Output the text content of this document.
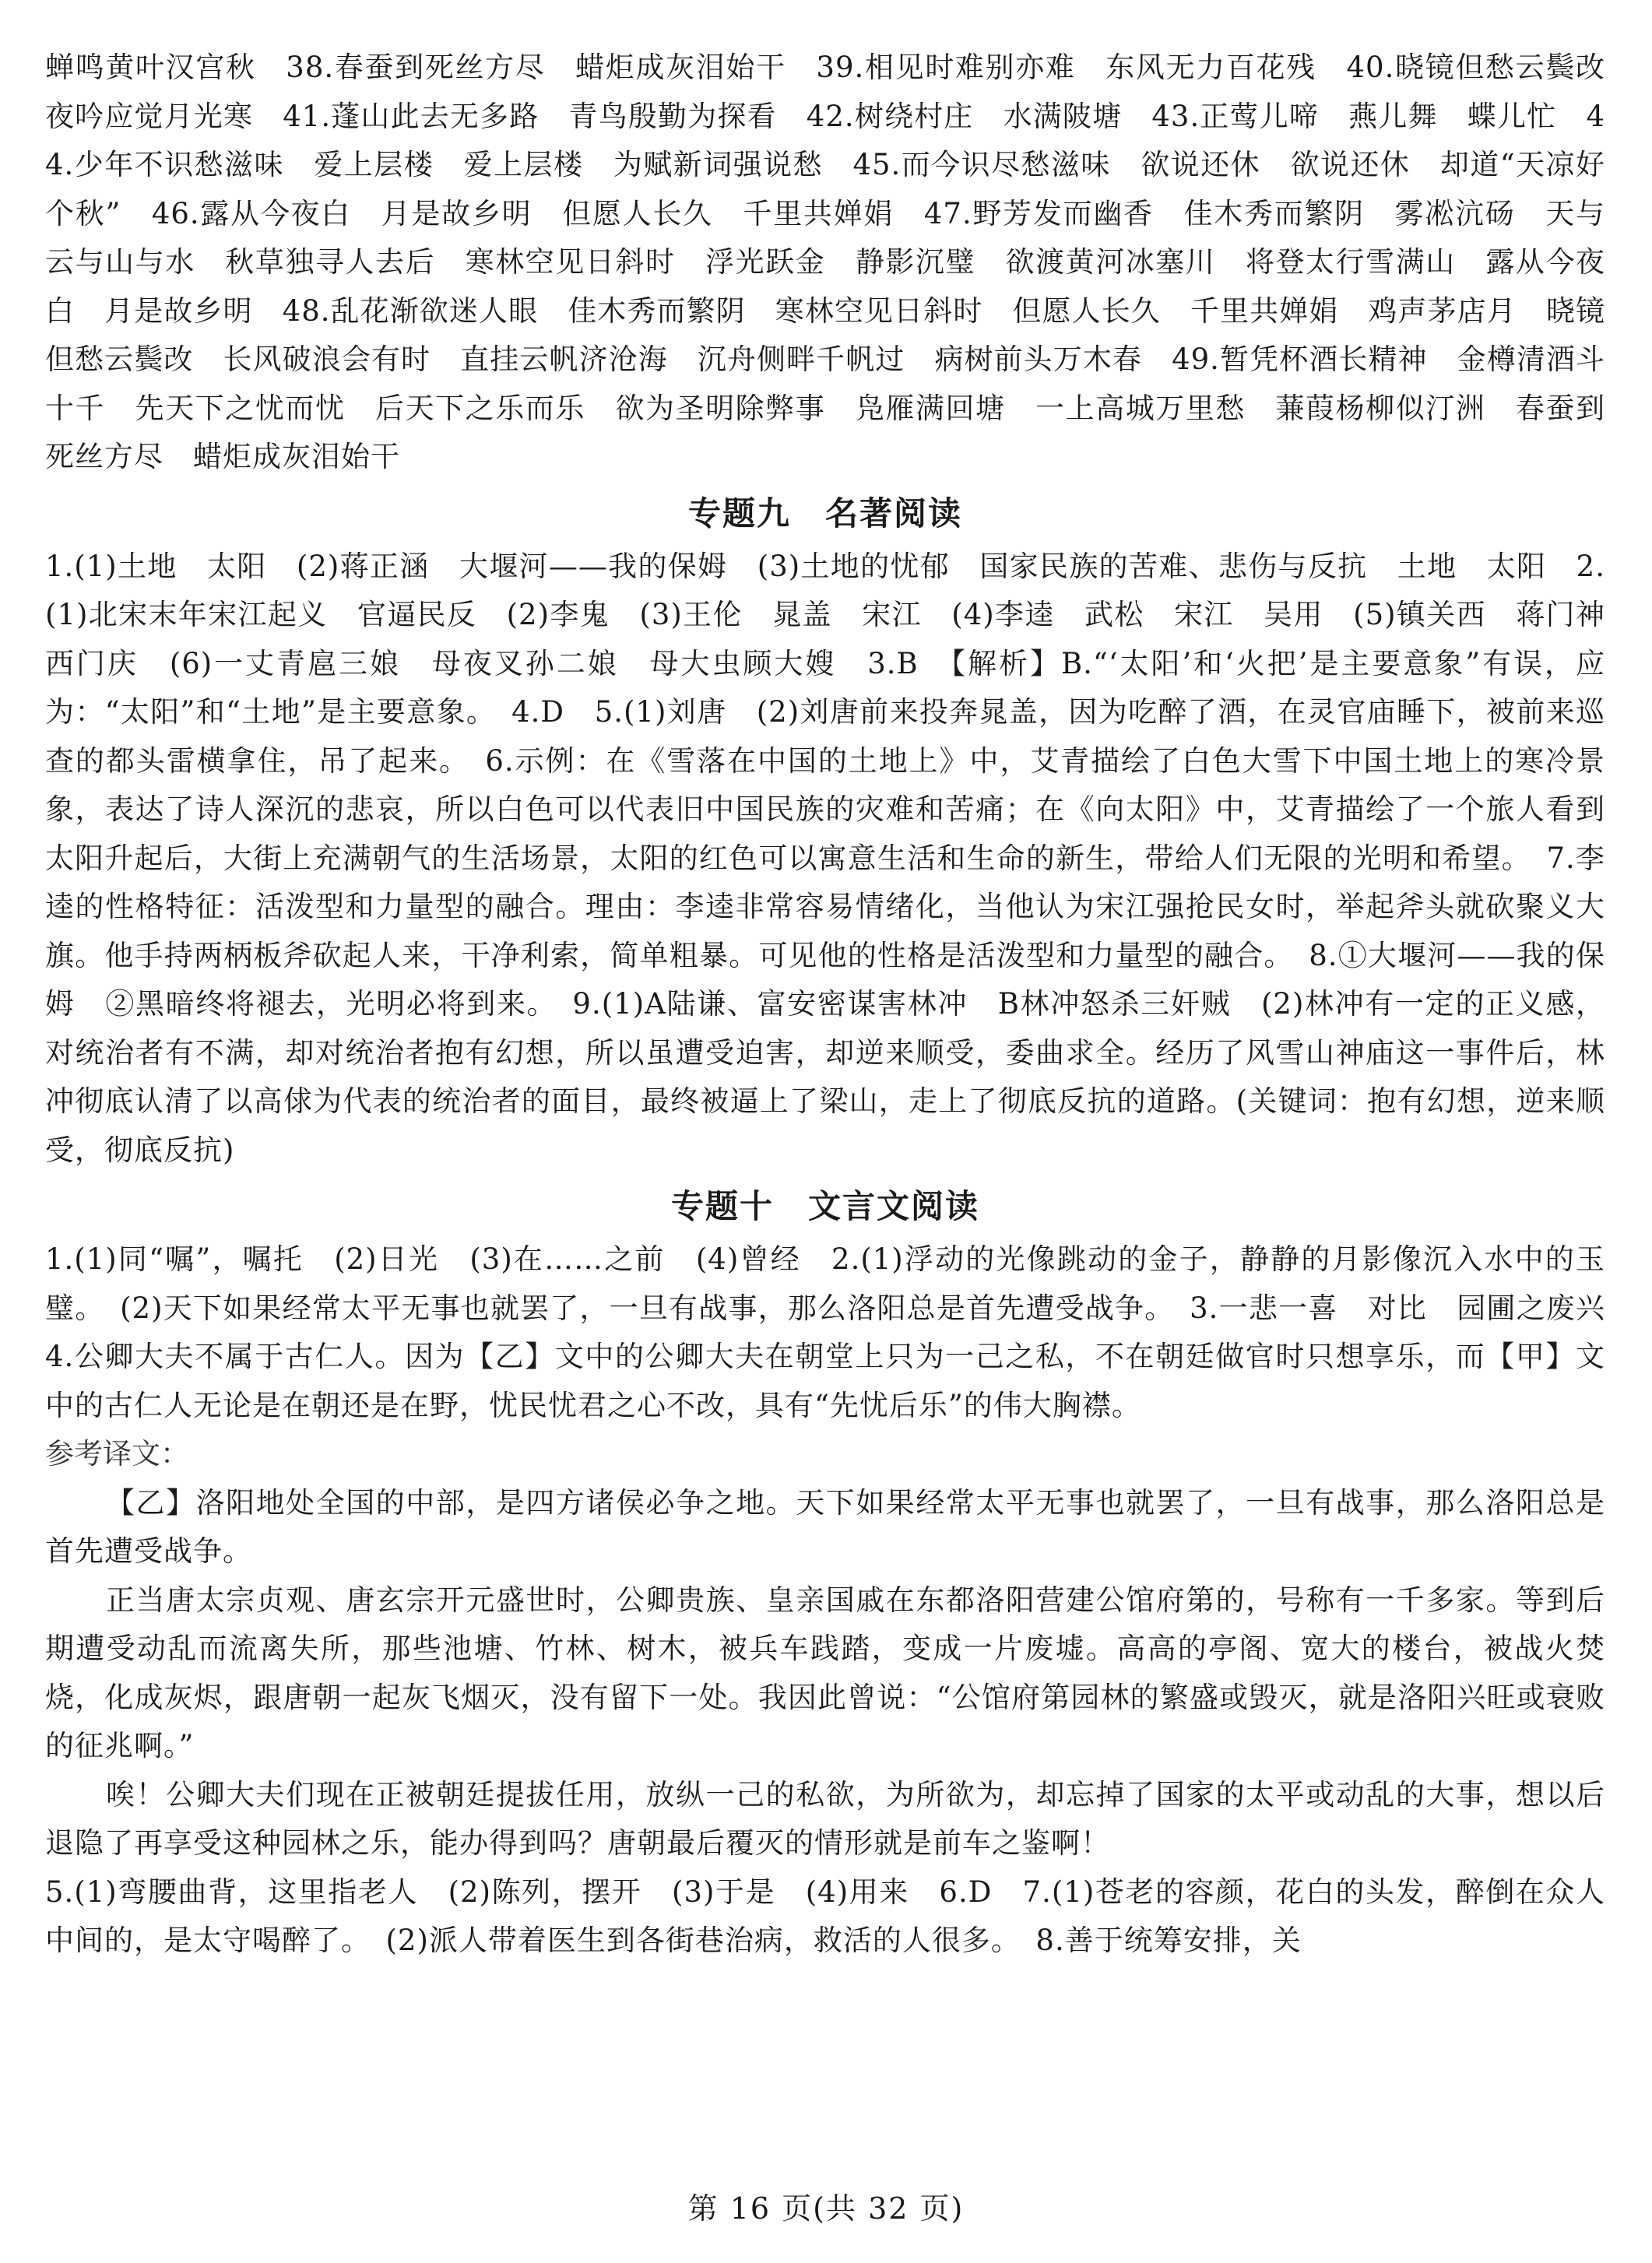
蝉鸣黄叶汉宫秋　38.春蚕到死丝方尽　蜡炬成灰泪始干　39.相见时难别亦难　东风无力百花残　40.晓镜但愁云鬓改　夜吟应觉月光寒　41.蓬山此去无多路　青鸟殷勤为探看　42.树绕村庄　水满陂塘　43.正莺儿啼　燕儿舞　蝶儿忙　44.少年不识愁滋味　爱上层楼　爱上层楼　为赋新词强说愁　45.而今识尽愁滋味　欲说还休　欲说还休　却道“天凉好个秋”　46.露从今夜白　月是故乡明　但愿人长久　千里共婵娟　47.野芳发而幽香　佳木秀而繁阴　雾凇沆砀　天与云与山与水　秋草独寻人去后　寒林空见日斜时　浮光跃金　静影沉璧　欲渡黄河冰塞川　将登太行雪满山　露从今夜白　月是故乡明　48.乱花渐欲迷人眼　佳木秀而繁阴　寒林空见日斜时　但愿人长久　千里共婵娟　鸡声茅店月　晓镜但愁云鬓改　长风破浪会有时　直挂云帆济沧海　沉舟侧畔千帆过　病树前头万木春　49.暂凭杯酒长精神　金樽清酒斗十千　先天下之忧而忧　后天下之乐而乐　欲为圣明除弊事　凫雁满回塘　一上高城万里愁　蒹葭杨柳似汀洲　春蚕到死丝方尽　蜡炬成灰泪始干

专题九　名著阅读

1.(1)土地　太阳　(2)蒋正涵　大堰河——我的保姆　(3)土地的忧郁　国家民族的苦难、悲伤与反抗　土地　太阳　2.(1)北宋末年宋江起义　官逼民反　(2)李鬼　(3)王伦　晁盖　宋江　(4)李逵　武松　宋江　吴用　(5)镇关西　蒋门神　西门庆　(6)一丈青扈三娘　母夜叉孙二娘　母大虫顾大嫂　3.B　【解析】B.“‘太阳’和‘火把’是主要意象”有误，应为：“太阳”和“土地”是主要意象。　4.D　5.(1)刘唐　(2)刘唐前来投奔晁盖，因为吃醉了酒，在灵官庙睡下，被前来巡查的都头雷横拿住，吊了起来。　6.示例：在《雪落在中国的土地上》中，艾青描绘了白色大雪下中国土地上的寒冷景象，表达了诗人深沉的悲哀，所以白色可以代表旧中国民族的灾难和苦痛；在《向太阳》中，艾青描绘了一个旅人看到太阳升起后，大街上充满朝气的生活场景，太阳的红色可以寓意生活和生命的新生，带给人们无限的光明和希望。　7.李逵的性格特征：活泼型和力量型的融合。理由：李逵非常容易情绪化，当他认为宋江强抢民女时，举起斧头就砍聚义大旗。他手持两柄板斧砍起人来，干净利索，简单粗暴。可见他的性格是活泼型和力量型的融合。　8.①大堰河——我的保姆　②黑暗终将褪去，光明必将到来。　9.(1)A陆谦、富安密谋害林冲　B林冲怒杀三奸贼　(2)林冲有一定的正义感，对统治者有不满，却对统治者抱有幻想，所以虽遭受迫害，却逆来顺受，委曲求全。经历了风雪山神庙这一事件后，林冲彻底认清了以高俅为代表的统治者的面目，最终被逼上了梁山，走上了彻底反抗的道路。(关键词：抱有幻想，逆来顺受，彻底反抗)

专题十　文言文阅读

1.(1)同“嘱”，嘱托　(2)日光　(3)在……之前　(4)曾经　2.(1)浮动的光像跳动的金子，静静的月影像沉入水中的玉璧。　(2)天下如果经常太平无事也就罢了，一旦有战事，那么洛阳总是首先遭受战争。　3.一悲一喜　对比　园圃之废兴　4.公卿大夫不属于古仁人。因为【乙】文中的公卿大夫在朝堂上只为一己之私，不在朝廷做官时只想享乐，而【甲】文中的古仁人无论是在朝还是在野，忧民忧君之心不改，具有“先忧后乐”的伟大胸襟。

参考译文：

【乙】洛阳地处全国的中部，是四方诸侯必争之地。天下如果经常太平无事也就罢了，一旦有战事，那么洛阳总是首先遭受战争。

正当唐太宗贞观、唐玄宗开元盛世时，公卿贵族、皇亲国戚在东都洛阳营建公馆府第的，号称有一千多家。等到后期遭受动乱而流离失所，那些池塘、竹林、树木，被兵车践踏，变成一片废墟。高高的亭阁、宽大的楼台，被战火焚烧，化成灰烬，跟唐朝一起灰飞烟灭，没有留下一处。我因此曾说：“公馆府第园林的繁盛或毁灭，就是洛阳兴旺或衰败的征兆啊。”

唉！公卿大夫们现在正被朝廷提拔任用，放纵一己的私欲，为所欲为，却忘掉了国家的太平或动乱的大事，想以后退隐了再享受这种园林之乐，能办得到吗？唐朝最后覆灭的情形就是前车之鉴啊！

5.(1)弯腰曲背，这里指老人　(2)陈列，摆开　(3)于是　(4)用来　6.D　7.(1)苍老的容颜，花白的头发，醉倒在众人中间的，是太守喝醉了。　(2)派人带着医生到各街巷治病，救活的人很多。　8.善于统筹安排，关

第 16 页(共 32 页)
